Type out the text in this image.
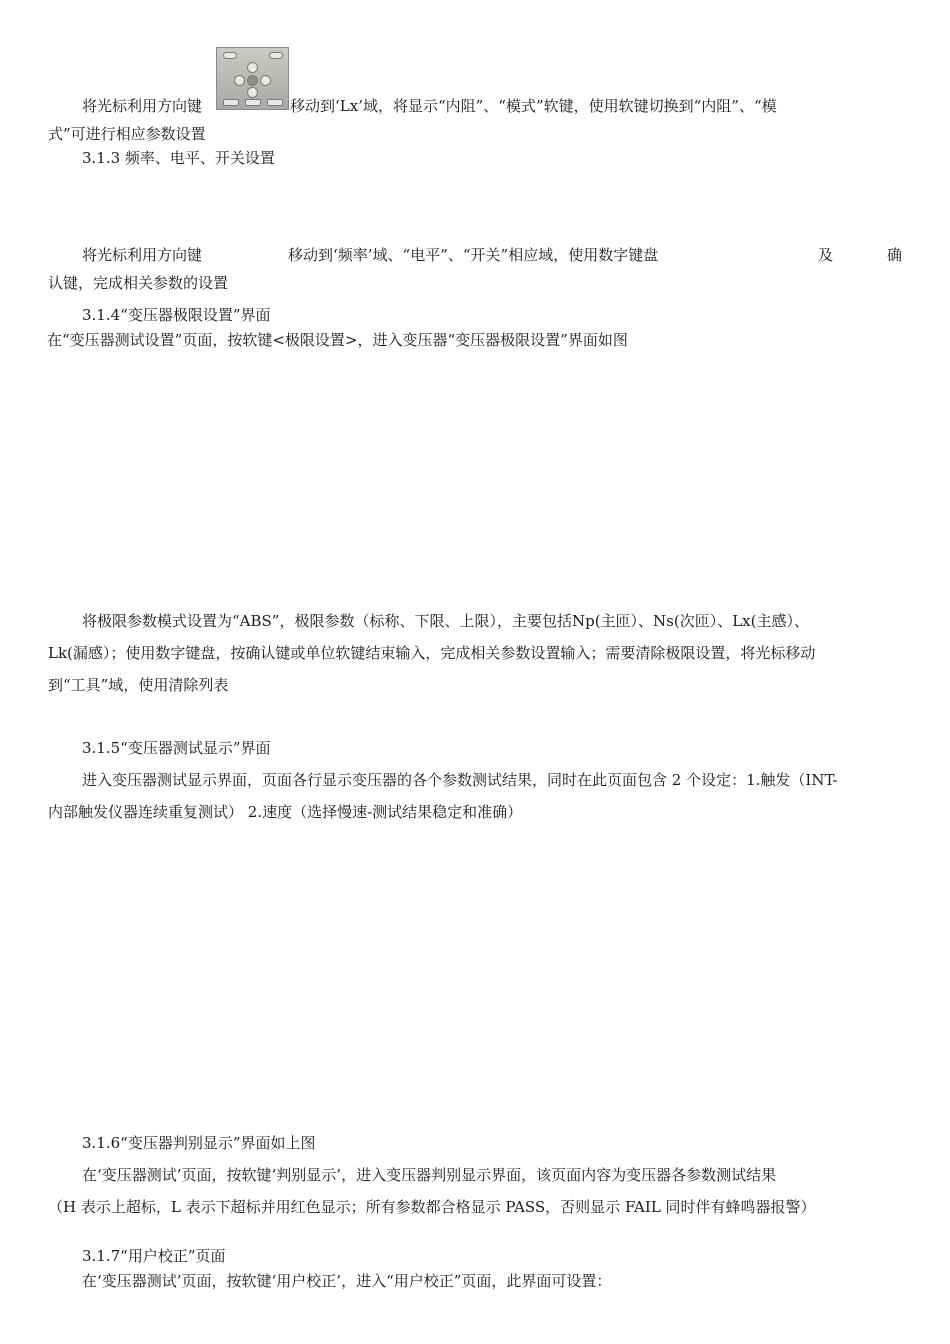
将光标利用方向键	移动到‘Lx’域，将显示“内阻”、“模式”软键，使用软键切换到“内阻”、“模
式”可进行相应参数设置
3.1.3 频率、电平、开关设置
将光标利用方向键	移动到‘频率’域、“电平”、“开关”相应域，使用数字键盘	及	确
认键，完成相关参数的设置
3.1.4“变压器极限设置”界面
在“变压器测试设置”页面，按软键<极限设置>，进入变压器“变压器极限设置”界面如图
将极限参数模式设置为“ABS”，极限参数（标称、下限、上限），主要包括Np(主匝）、Ns(次匝）、Lx(主感）、
Lk(漏感）；使用数字键盘，按确认键或单位软键结束输入，完成相关参数设置输入；需要清除极限设置，将光标移动
到“工具”域，使用清除列表
3.1.5“变压器测试显示”界面
进入变压器测试显示界面，页面各行显示变压器的各个参数测试结果，同时在此页面包含 2 个设定：1.触发（INT-
内部触发仪器连续重复测试） 2.速度（选择慢速-测试结果稳定和准确）
3.1.6“变压器判别显示”界面如上图
在‘变压器测试’页面，按软键‘判别显示’，进入变压器判别显示界面，该页面内容为变压器各参数测试结果
（H 表示上超标，L 表示下超标并用红色显示；所有参数都合格显示 PASS，否则显示 FAIL 同时伴有蜂鸣器报警）
3.1.7“用户校正”页面
在‘变压器测试’页面，按软键‘用户校正’，进入“用户校正”页面，此界面可设置：
